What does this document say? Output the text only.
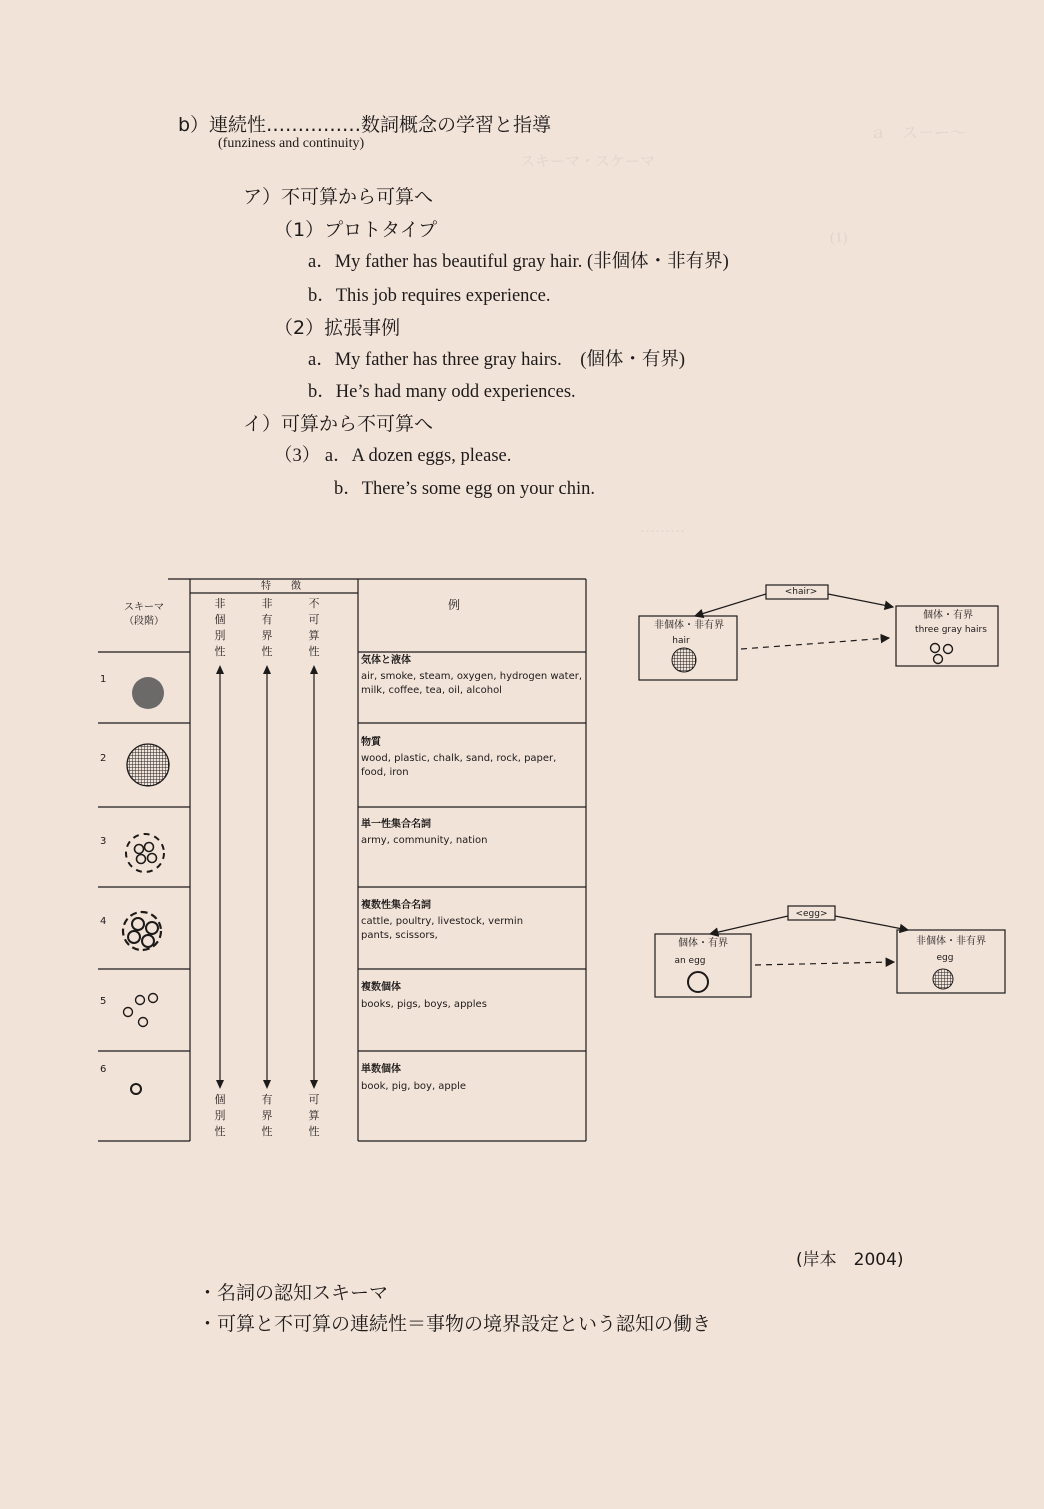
ａ　ス－ー～
スキーマ・スケーマ
(1)
………
b）連続性……………数詞概念の学習と指導
(funziness and continuity)
ア）不可算から可算へ
（1）プロトタイプ
a．My father has beautiful gray hair. (非個体・非有界)
b．This job requires experience.
（2）拡張事例
a．My father has three gray hairs.　(個体・有界)
b．He’s had many odd experiences.
イ）可算から不可算へ
（3） a．A dozen eggs, please.
b．There’s some egg on your chin.
スキーマ
（段階）
特　　徴
非個別性
非有界性
不可算性
個別性
有界性
可算性
例
1
2
3
4
5
6
気体と液体
air, smoke, steam, oxygen, hydrogen water, milk, coffee, tea, oil, alcohol
物質
wood, plastic, chalk, sand, rock, paper, food, iron
単一性集合名詞
army, community, nation
複数性集合名詞
cattle, poultry, livestock, vermin pants, scissors,
複数個体
books, pigs, boys, apples
単数個体
book, pig, boy, apple
<hair>
非個体・非有界
hair
個体・有界
three gray hairs
<egg>
個体・有界
an egg
非個体・非有界
egg
(岸本　2004)
・名詞の認知スキーマ
・可算と不可算の連続性＝事物の境界設定という認知の働き
